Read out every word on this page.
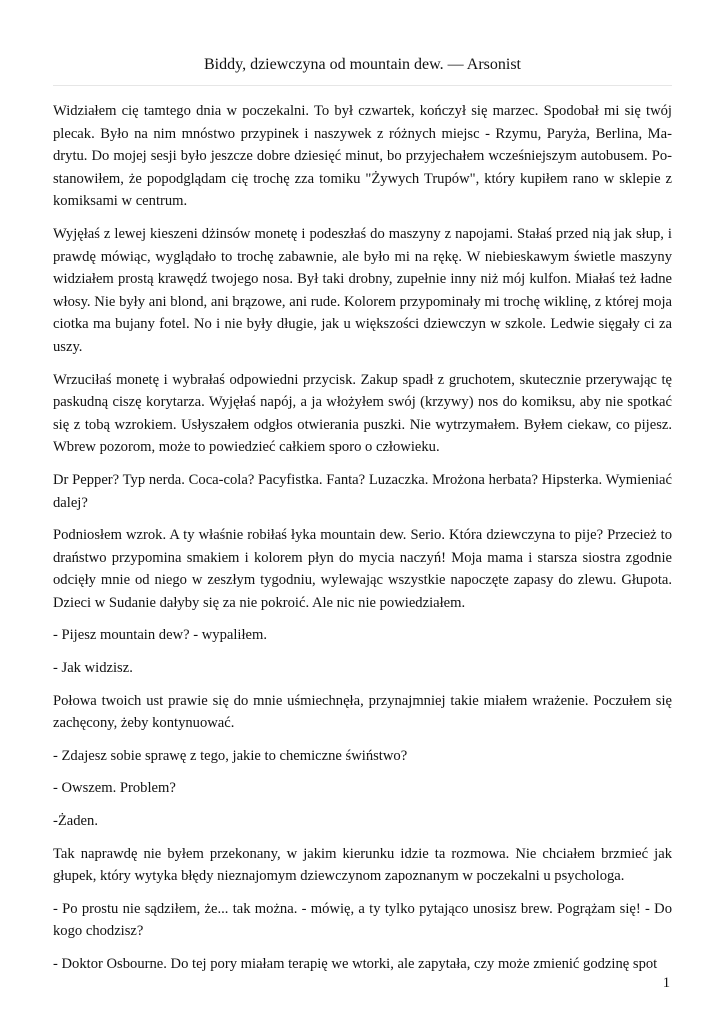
Biddy, dziewczyna od mountain dew. — Arsonist

Widziałem cię tamtego dnia w poczekalni. To był czwartek, kończył się marzec. Spodobał mi się twój plecak. Było na nim mnóstwo przypinek i naszywek z różnych miejsc - Rzymu, Paryża, Berlina, Madrytu. Do mojej sesji było jeszcze dobre dziesięć minut, bo przyjechałem wcześniejszym autobusem. Postanowiłem, że popodglądam cię trochę zza tomiku "Żywych Trupów", który kupiłem rano w sklepie z komiksami w centrum.

Wyjęłaś z lewej kieszeni dżinsów monetę i podeszłaś do maszyny z napojami. Stałaś przed nią jak słup, i prawdę mówiąc, wyglądało to trochę zabawnie, ale było mi na rękę. W niebieskawym świetle maszyny widziałem prostą krawędź twojego nosa. Był taki drobny, zupełnie inny niż mój kulfon. Miałaś też ładne włosy. Nie były ani blond, ani brązowe, ani rude. Kolorem przypominały mi trochę wiklinę, z której moja ciotka ma bujany fotel. No i nie były długie, jak u większości dziewczyn w szkole. Ledwie sięgały ci za uszy.

Wrzuciłaś monetę i wybrałaś odpowiedni przycisk. Zakup spadł z gruchotem, skutecznie przerywając tę paskudną ciszę korytarza. Wyjęłaś napój, a ja włożyłem swój (krzywy) nos do komiksu, aby nie spotkać się z tobą wzrokiem. Usłyszałem odgłos otwierania puszki. Nie wytrzymałem. Byłem ciekaw, co pijesz. Wbrew pozorom, może to powiedzieć całkiem sporo o człowieku.

Dr Pepper? Typ nerda. Coca-cola? Pacyfistka. Fanta? Luzaczka. Mrożona herbata? Hipsterka. Wymieniać dalej?

Podniosłem wzrok. A ty właśnie robiłaś łyka mountain dew. Serio. Która dziewczyna to pije? Przecież to draństwo przypomina smakiem i kolorem płyn do mycia naczyń! Moja mama i starsza siostra zgodnie odcięły mnie od niego w zeszłym tygodniu, wylewając wszystkie napoczęte zapasy do zlewu. Głupota. Dzieci w Sudanie dałyby się za nie pokroić. Ale nic nie powiedziałem.

- Pijesz mountain dew? - wypaliłem.

- Jak widzisz.

Połowa twoich ust prawie się do mnie uśmiechnęła, przynajmniej takie miałem wrażenie. Poczułem się zachęcony, żeby kontynuować.

- Zdajesz sobie sprawę z tego, jakie to chemiczne świństwo?

- Owszem. Problem?

-Żaden.

Tak naprawdę nie byłem przekonany, w jakim kierunku idzie ta rozmowa. Nie chciałem brzmieć jak głupek, który wytyka błędy nieznajomym dziewczynom zapoznanym w poczekalni u psychologa.

- Po prostu nie sądziłem, że... tak można. - mówię, a ty tylko pytająco unosisz brew. Pogrążam się! - Do kogo chodzisz?

- Doktor Osbourne. Do tej pory miałam terapię we wtorki, ale zapytała, czy może zmienić godzinę spot

1
